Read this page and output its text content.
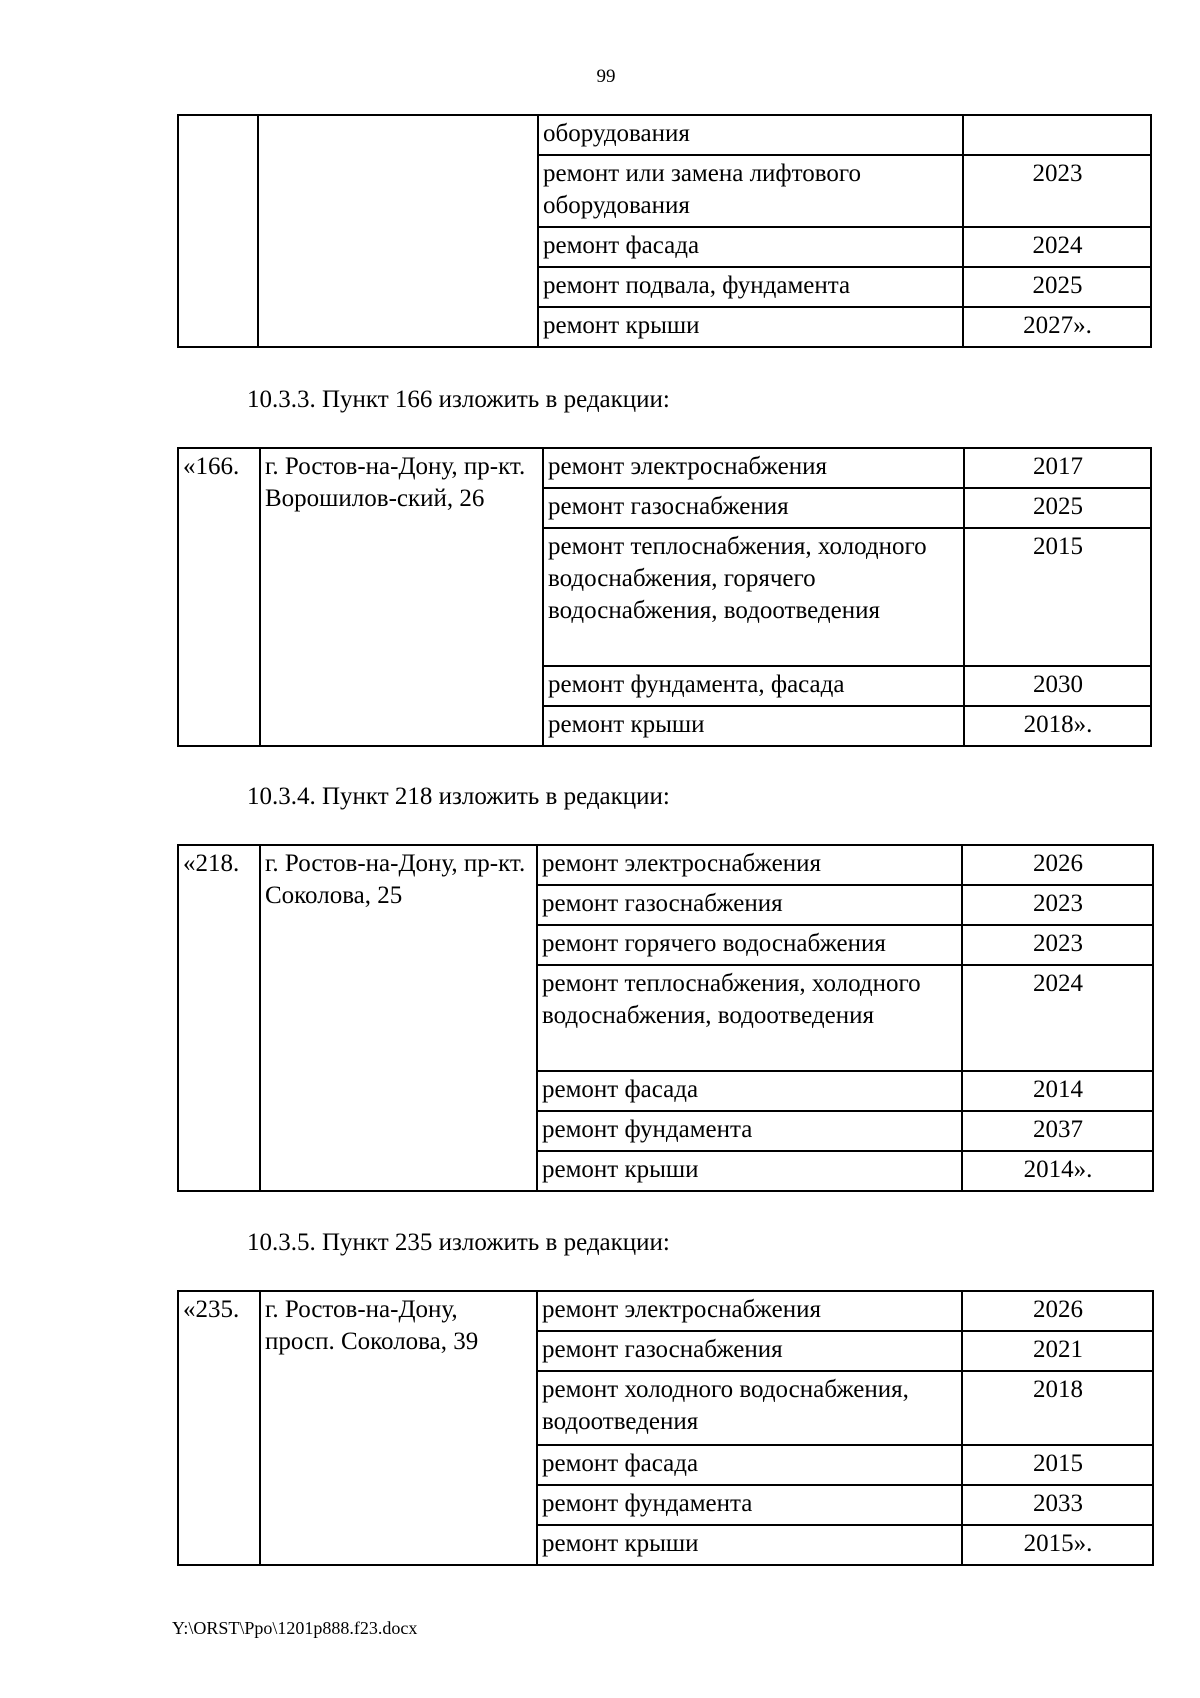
99
		оборудования	
		ремонт или замена лифтового оборудования	2023
		ремонт фасада	2024
		ремонт подвала, фундамента	2025
		ремонт крыши	2027».
10.3.3. Пункт 166 изложить в редакции:
«166.	г. Ростов-на-Дону, пр-кт. Ворошилов-ский, 26	ремонт электроснабжения	2017
		ремонт газоснабжения	2025
		ремонт теплоснабжения, холодного водоснабжения, горячего водоснабжения, водоотведения	2015
		ремонт фундамента, фасада	2030
		ремонт крыши	2018».
10.3.4. Пункт 218 изложить в редакции:
«218.	г. Ростов-на-Дону, пр-кт. Соколова, 25	ремонт электроснабжения	2026
		ремонт газоснабжения	2023
		ремонт горячего водоснабжения	2023
		ремонт теплоснабжения, холодного водоснабжения, водоотведения	2024
		ремонт фасада	2014
		ремонт фундамента	2037
		ремонт крыши	2014».
10.3.5. Пункт 235 изложить в редакции:
«235.	г. Ростов-на-Дону, просп. Соколова, 39	ремонт электроснабжения	2026
		ремонт газоснабжения	2021
		ремонт холодного водоснабжения, водоотведения	2018
		ремонт фасада	2015
		ремонт фундамента	2033
		ремонт крыши	2015».
Y:\ORST\Ppo\1201p888.f23.docx
